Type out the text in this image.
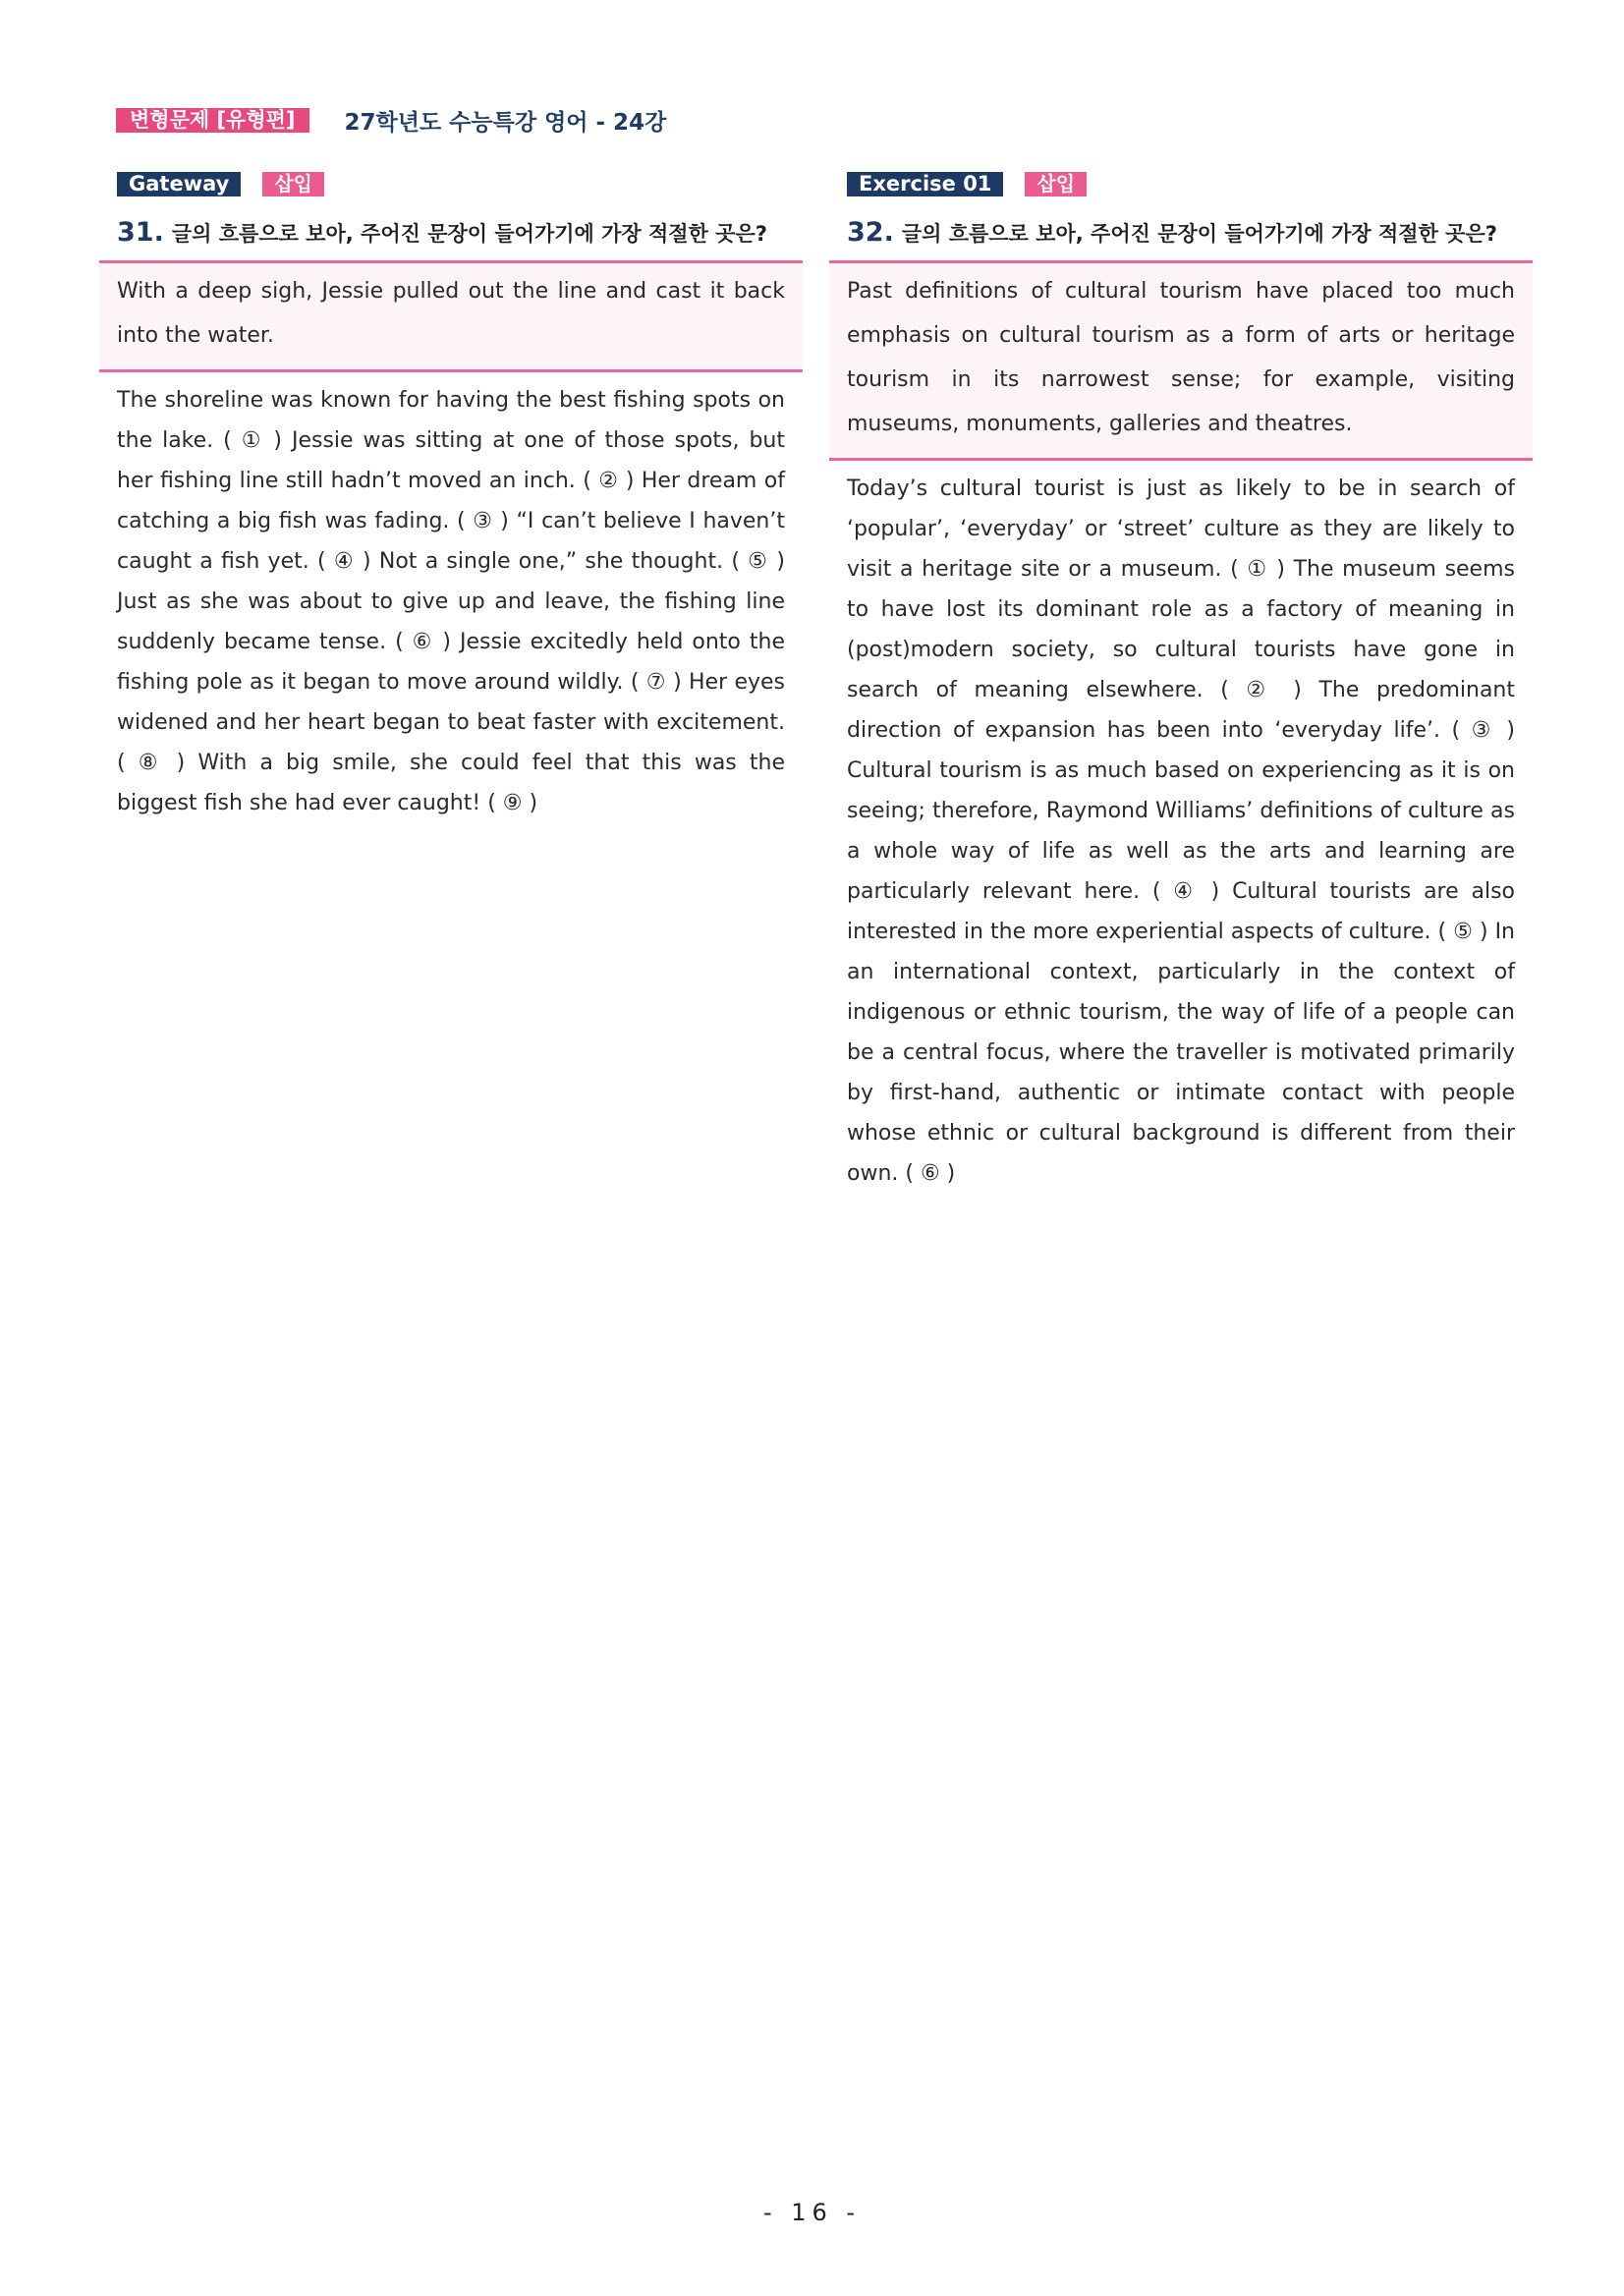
변형문제 [유형편]	27학년도 수능특강 영어 - 24강
Gateway	삽입
31. 글의 흐름으로 보아, 주어진 문장이 들어가기에 가장 적절한 곳은?
With a deep sigh, Jessie pulled out the line and cast it back into the water.
The shoreline was known for having the best fishing spots on the lake. ( ① ) Jessie was sitting at one of those spots, but her fishing line still hadn’t moved an inch. ( ② ) Her dream of catching a big fish was fading. ( ③ ) “I can’t believe I haven’t caught a fish yet. ( ④ ) Not a single one,” she thought. ( ⑤ ) Just as she was about to give up and leave, the fishing line suddenly became tense. ( ⑥ ) Jessie excitedly held onto the fishing pole as it began to move around wildly. ( ⑦ ) Her eyes widened and her heart began to beat faster with excitement. ( ⑧ ) With a big smile, she could feel that this was the biggest fish she had ever caught! ( ⑨ )
Exercise 01	삽입
32. 글의 흐름으로 보아, 주어진 문장이 들어가기에 가장 적절한 곳은?
Past definitions of cultural tourism have placed too much emphasis on cultural tourism as a form of arts or heritage tourism in its narrowest sense; for example, visiting museums, monuments, galleries and theatres.
Today’s cultural tourist is just as likely to be in search of ‘popular’, ‘everyday’ or ‘street’ culture as they are likely to visit a heritage site or a museum. ( ① ) The museum seems to have lost its dominant role as a factory of meaning in (post)modern society, so cultural tourists have gone in search of meaning elsewhere. ( ② ) The predominant direction of expansion has been into ‘everyday life’. ( ③ ) Cultural tourism is as much based on experiencing as it is on seeing; therefore, Raymond Williams’ definitions of culture as a whole way of life as well as the arts and learning are particularly relevant here. ( ④ ) Cultural tourists are also interested in the more experiential aspects of culture. ( ⑤ ) In an international context, particularly in the context of indigenous or ethnic tourism, the way of life of a people can be a central focus, where the traveller is motivated primarily by first-hand, authentic or intimate contact with people whose ethnic or cultural background is different from their own. ( ⑥ )
- 16 -
